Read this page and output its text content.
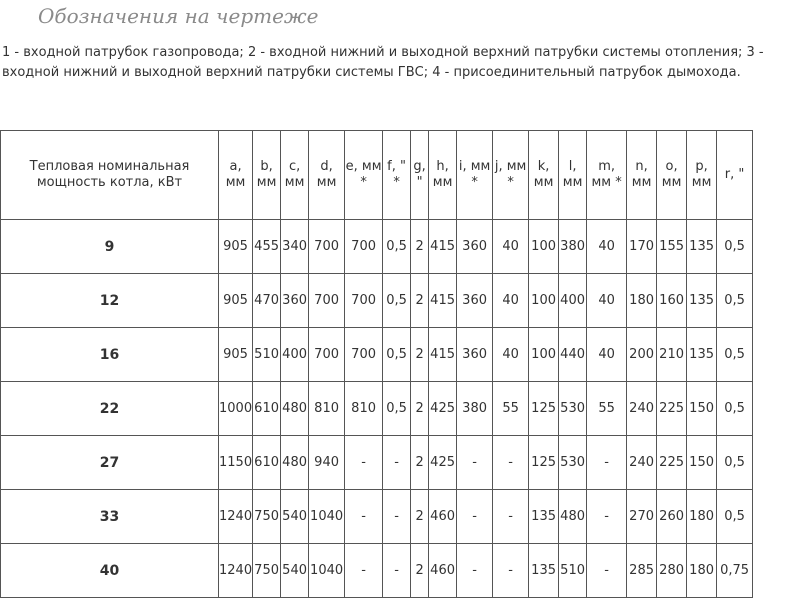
Обозначения на чертеже

1 - входной патрубок газопровода; 2 - входной нижний и выходной верхний патрубки системы отопления; 3 - входной нижний и выходной верхний патрубки системы ГВС; 4 - присоединительный патрубок дымохода.

Тепловая номинальная мощность котла, кВт	a, мм	b, мм	c, мм	d, мм	e, мм *	f, " *	g, "	h, мм	i, мм *	j, мм *	k, мм	l, мм	m, мм *	n, мм	o, мм	p, мм	r, "
9	905	455	340	700	700	0,5	2	415	360	40	100	380	40	170	155	135	0,5
12	905	470	360	700	700	0,5	2	415	360	40	100	400	40	180	160	135	0,5
16	905	510	400	700	700	0,5	2	415	360	40	100	440	40	200	210	135	0,5
22	1000	610	480	810	810	0,5	2	425	380	55	125	530	55	240	225	150	0,5
27	1150	610	480	940	-	-	2	425	-	-	125	530	-	240	225	150	0,5
33	1240	750	540	1040	-	-	2	460	-	-	135	480	-	270	260	180	0,5
40	1240	750	540	1040	-	-	2	460	-	-	135	510	-	285	280	180	0,75
